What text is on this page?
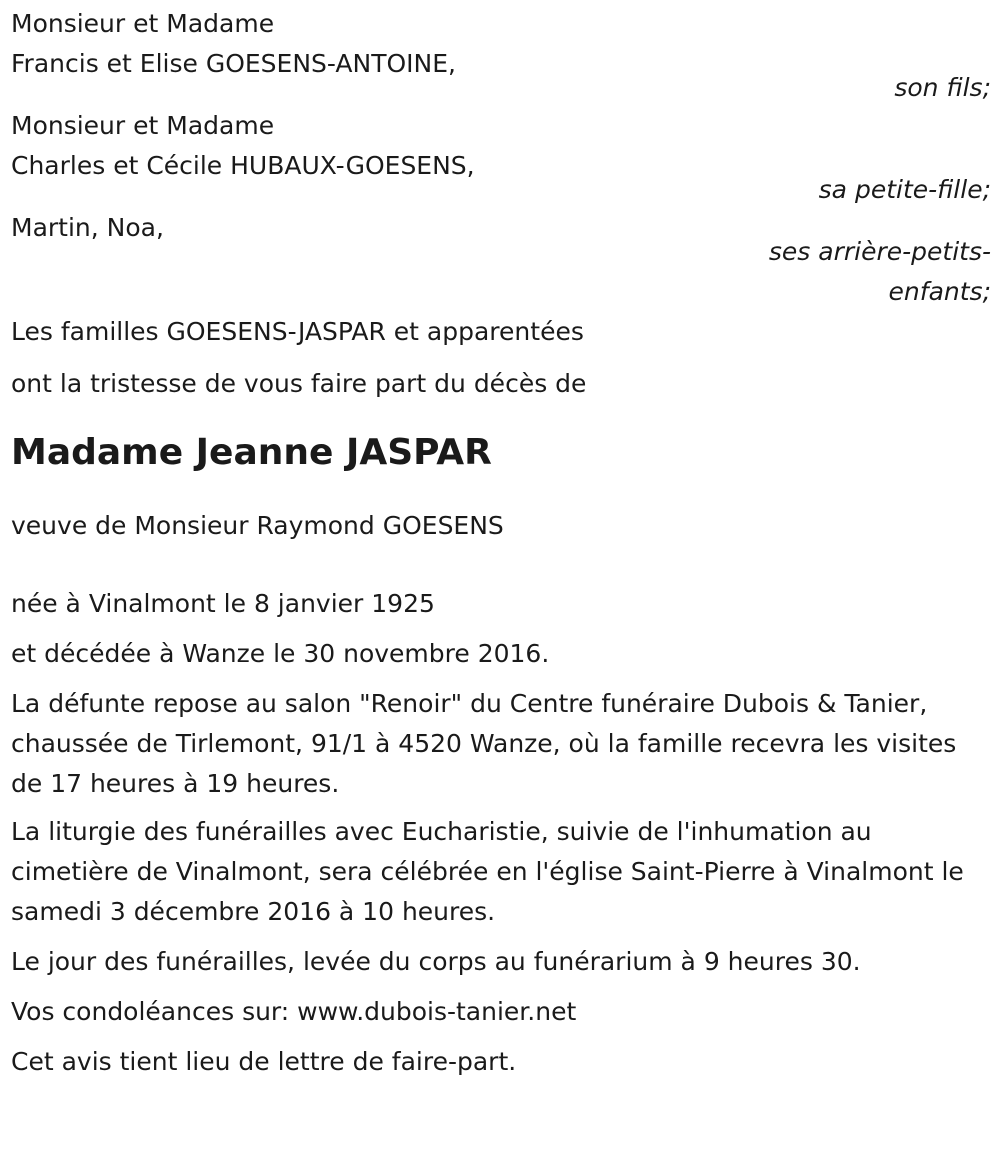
Monsieur et Madame
Francis et Elise GOESENS-ANTOINE,
son fils;
Monsieur et Madame
Charles et Cécile HUBAUX-GOESENS,
sa petite-fille;
Martin, Noa,
ses arrière-petits-
enfants;
Les familles GOESENS-JASPAR et apparentées
ont la tristesse de vous faire part du décès de
Madame Jeanne JASPAR
veuve de Monsieur Raymond GOESENS
née à Vinalmont le 8 janvier 1925
et décédée à Wanze le 30 novembre 2016.
La défunte repose au salon "Renoir" du Centre funéraire Dubois & Tanier, chaussée de Tirlemont, 91/1 à 4520 Wanze, où la famille recevra les visites de 17 heures à 19 heures.
La liturgie des funérailles avec Eucharistie, suivie de l'inhumation au cimetière de Vinalmont, sera célébrée en l'église Saint-Pierre à Vinalmont le samedi 3 décembre 2016 à 10 heures.
Le jour des funérailles, levée du corps au funérarium à 9 heures 30.
Vos condoléances sur: www.dubois-tanier.net
Cet avis tient lieu de lettre de faire-part.
